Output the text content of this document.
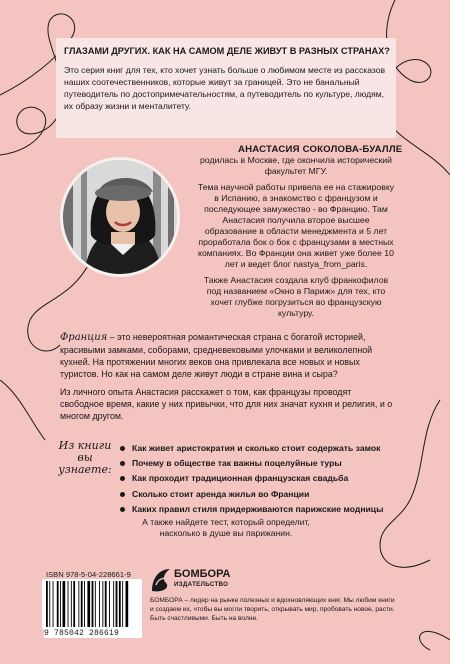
ГЛАЗАМИ ДРУГИХ. КАК НА САМОМ ДЕЛЕ ЖИВУТ В РАЗНЫХ СТРАНАХ?
Это серия книг для тех, кто хочет узнать больше о любимом месте из рассказов наших соотечественников, которые живут за границей. Это не банальный путеводитель по достопримечательностям, а путеводитель по культуре, людям, их образу жизни и менталитету.
АНАСТАСИЯ СОКОЛОВА-БУАЛЛЕ

родилась в Москве, где окончила исторический факультет МГУ.

Тема научной работы привела ее на стажировку в Испанию, а знакомство с французом и последующее замужество - во Францию. Там Анастасия получила второе высшее образование в области менеджмента и 5 лет проработала бок о бок с французами в местных компаниях. Во Франции она живет уже более 10 лет и ведет блог nastya_from_paris.

Также Анастасия создала клуб франкофилов под названием «Окно в Париж» для тех, кто хочет глубже погрузиться во французскую культуру.

Франция – это невероятная романтическая страна с богатой историей, красивыми замками, соборами, средневековыми улочками и великолепной кухней. На протяжении многих веков она привлекала все новых и новых туристов. Но как на самом деле живут люди в стране вина и сыра?

Из личного опыта Анастасия расскажет о том, как французы проводят свободное время, какие у них привычки, что для них значат кухня и религия, и о многом другом.

Из книги вы узнаете:
Как живет аристократия и сколько стоит содержать замок
Почему в обществе так важны поцелуйные туры
Как проходит традиционная французская свадьба
Сколько стоит аренда жилья во Франции
Каких правил стиля придерживаются парижские модницы
А также найдете тест, который определит, насколько в душе вы парижанин.
ISBN 978-5-04-228661-9
9 785042 286619
БОМБОРА
ИЗДАТЕЛЬСТВО
БОМБОРА – лидер на рынке полезных и вдохновляющих книг. Мы любим книги и создаем их, чтобы вы могли творить, открывать мир, пробовать новое, расти. Быть счастливыми. Быть на волне.
